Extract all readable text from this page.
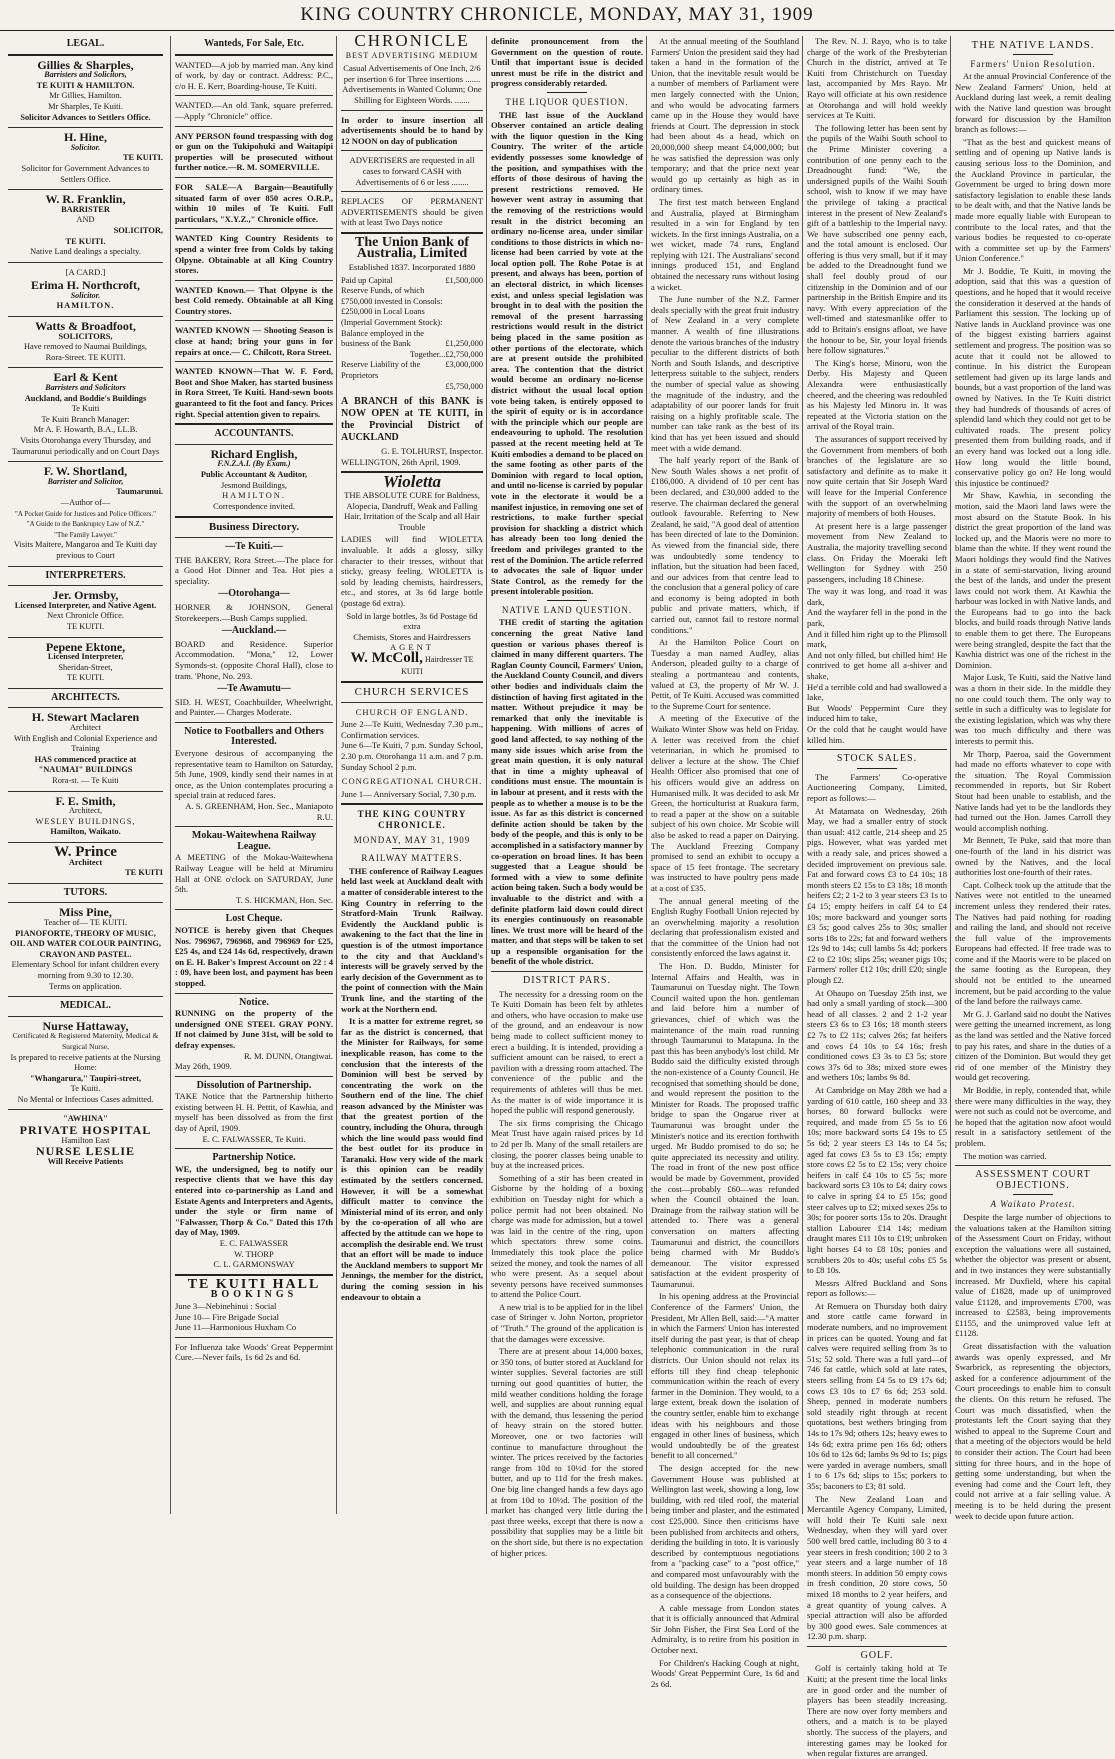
KING COUNTRY CHRONICLE, MONDAY, MAY 31, 1909
LEGAL.
Gillies & Sharples,
Barristers and Solicitors,
TE KUITI & HAMILTON.
Mr Gillies, Hamilton.
Mr Sharples, Te Kuiti.
Solicitor Advances to Settlers Office.
H. Hine,
Solicitor.
TE KUITI.
Solicitor for Government Advances to Settlers Office.
W. R. Franklin,
BARRISTER
AND
SOLICITOR,
TE KUITI.
Native Land dealings a specialty.
[A CARD.]
Erima H. Northcroft,
Solicitor.
HAMILTON.
Watts & Broadfoot,
SOLICITORS,
Have removed to Naumai Buildings,
Rora-Street. TE KUITI.
Earl & Kent
Barristers and Solicitors
Auckland, and Boddie's Buildings
Te Kuiti
Te Kuiti Branch Manager:
Mr A. F. Howarth, B.A., LL.B.
Visits Otorohanga every Thursday, and Taumarunui periodically and on Court Days
F. W. Shortland,
Barrister and Solicitor,
Taumarunui.
—Author of—
"A Pocket Guide for Justices and Police Officers."
"A Guide to the Bankruptcy Law of N.Z."
"The Family Lawyer."
Visits Maitere, Mangaroa and Te Kuiti day previous to Court
INTERPRETERS.
Jer. Ormsby,
Licensed Interpreter, and Native Agent.
Next Chronicle Office.
TE KUITI.
Pepene Ektone,
Licensed Interpreter,
Sheridan-Street,
TE KUITI.
ARCHITECTS.
H. Stewart Maclaren
Architect
With English and Colonial Experience and Training
HAS commenced practice at
"NAUMAI" BUILDINGS
Rora-st. — Te Kuiti
F. E. Smith,
Architect,
WESLEY BUILDINGS,
Hamilton, Waikato.
W. Prince
Architect
TE KUITI
TUTORS.
Miss Pine,
Teacher of— TE KUITI.
PIANOFORTE, THEORY OF MUSIC, OIL AND WATER COLOUR PAINTING, CRAYON AND PASTEL.
Elementary School for infant children every morning from 9.30 to 12.30.
Terms on application.
MEDICAL.
Nurse Hattaway,
Certificated & Registered Maternity, Medical & Surgical Nurse,
Is prepared to receive patients at the Nursing Home:
"Whangarura," Taupiri-street,
Te Kuiti.
No Mental or Infectious Cases admitted.
"AWHINA"
PRIVATE HOSPITAL
Hamilton East
NURSE LESLIE
Will Receive Patients
Wanteds, For Sale, Etc.

WANTED—A job by married man. Any kind of work, by day or contract. Address: P.C., c/o H. E. Kerr, Boarding-house, Te Kuiti.

WANTED.—An old Tank, square preferred.—Apply "Chronicle" office.

ANY PERSON found trespassing with dog or gun on the Tukipohuki and Waitapipi properties will be prosecuted without further notice.—R. M. SOMERVILLE.

FOR SALE—A Bargain—Beautifully situated farm of over 850 acres O.R.P., within 10 miles of Te Kuiti. Full particulars, "X.Y.Z.," Chronicle office.

WANTED King Country Residents to spend a winter free from Colds by taking Olpyne. Obtainable at all King Country stores.

WANTED Known.— That Olpyne is the best Cold remedy. Obtainable at all King Country stores.

WANTED KNOWN — Shooting Season is close at hand; bring your guns in for repairs at once.— C. Chilcott, Rora Street.

WANTED KNOWN—That W. F. Ford, Boot and Shoe Maker, has started business in Rora Street, Te Kuiti. Hand-sewn boots guaranteed to fit the foot and fancy. Prices right. Special attention given to repairs.

ACCOUNTANTS.
Richard English,
F.N.Z.A.I. (By Exam.)
Public Accountant & Auditor,
Jesmond Buildings,
HAMILTON.
Correspondence invited.
Business Directory.
—Te Kuiti.—

THE BAKERY, Rora Street.—The place for a Good Hot Dinner and Tea. Hot pies a speciality.

—Otorohanga—

HORNER & JOHNSON, General Storekeepers.—Bush Camps supplied.

—Auckland.—

BOARD and Residence. Superior Accommodation. "Mona," 12, Lower Symonds-st. (opposite Choral Hall), close to tram. 'Phone, No. 293.

—Te Awamutu—

SID. H. WEST, Coachbuilder, Wheelwright, and Painter.— Charges Moderate.

Notice to Footballers and Others Interested.

Everyone desirous of accompanying the representative team to Hamilton on Saturday, 5th June, 1909, kindly send their names in at once, as the Union contemplates procuring a special train at reduced fares.

A. S. GREENHAM, Hon. Sec., Maniapoto R.U.

Mokau-Waitewhena Railway League.

A MEETING of the Mokau-Waitewhena Railway League will be held at Mirumiru Hall at ONE o'clock on SATURDAY, June 5th.

T. S. HICKMAN, Hon. Sec.

Lost Cheque.

NOTICE is hereby given that Cheques Nos. 796967, 796968, and 796969 for £25, £25 4s, and £24 14s 6d, respectively, drawn on E. H. Baker's Imprest Account on 22 : 4 : 09, have been lost, and payment has been stopped.

Notice.

RUNNING on the property of the undersigned ONE STEEL GRAY PONY. If not claimed by June 31st, will be sold to defray expenses.

R. M. DUNN, Otangiwai.

May 26th, 1909.

Dissolution of Partnership.

TAKE Notice that the Partnership hitherto existing between H. H. Pettit, of Kawhia, and myself has been dissolved as from the first day of April, 1909.

E. C. FALWASSER, Te Kuiti.

Partnership Notice.

WE, the undersigned, beg to notify our respective clients that we have this day entered into co-partnership as Land and Estate Agents and Interpreters and Agents, under the style or firm name of "Falwasser, Thorp & Co." Dated this 17th day of May, 1909.

E. C. FALWASSER

W. THORP

C. L. GARMONSWAY

TE KUITI HALL
BOOKINGS

June 3—Nebinehinui : Social

June 10— Fire Brigade Social

June 11—Harmonious Huxham Co

For Influenza take Woods' Great Peppermint Cure.—Never fails, 1s 6d 2s and 6d.

CHRONICLE
BEST ADVERTISING MEDIUM

Casual Advertisements of One Inch, 2/6 per insertion 6 for Three insertions .......

Advertisements in Wanted Column; One Shilling for Eighteen Words. .......

In order to insure insertion all advertisements should be to hand by 12 NOON on day of publication

ADVERTISERS are requested in all cases to forward CASH with Advertisements of 6 or less ........

REPLACES OF PERMANENT ADVERTISEMENTS should be given with at least Two Days notice

The Union Bank of Australia, Limited
Established 1837. Incorporated 1880
Paid up Capital	£1,500,000
Reserve Funds, of which £750,000 invested in Consols: £250,000 in Local Loans (Imperial Government Stock): Balance employed in the business of the Bank	£1,250,000
Together...	£2,750,000
Reserve Liability of the Proprietors	£3,000,000
	£5,750,000

A BRANCH of this BANK is NOW OPEN at TE KUITI, in the Provincial District of AUCKLAND

G. E. TOLHURST, Inspector.

WELLINGTON, 26th April, 1909.

Wioletta

THE ABSOLUTE CURE for Baldness, Alopecia, Dandruff, Weak and Falling Hair, Irritation of the Scalp and all Hair Trouble

LADIES will find WIOLETTA invaluable. It adds a glossy, silky character to their tresses, without that sticky, greasy feeling. WIOLETTA is sold by leading chemists, hairdressers, etc., and stores, at 3s 6d large bottle (postage 6d extra).

Sold in large bottles, 3s 6d Postage 6d extra

Chemists, Stores and Hairdressers

AGENT

W. McColl, Hairdresser TE KUITI

CHURCH SERVICES
CHURCH OF ENGLAND.

June 2—Te Kuiti, Wednesday 7.30 p.m., Confirmation services.

June 6—Te Kuiti, 7 p.m. Sunday School, 2.30 p.m. Otorohanga 11 a.m. and 7 p.m. Sunday School 2 p.m.

CONGREGATIONAL CHURCH.

June 1— Anniversary Social, 7.30 p.m.

THE KING COUNTRY CHRONICLE.
MONDAY, MAY 31, 1909
RAILWAY MATTERS.

THE conference of Railway Leagues held last week at Auckland dealt with a matter of considerable interest to the King Country in referring to the Stratford-Main Trunk Railway. Evidently the Auckland public is awakening to the fact that the line in question is of the utmost importance to the city and that Auckland's interests will be gravely served by the early decision of the Government as to the point of connection with the Main Trunk line, and the starting of the work at the Northern end.

It is a matter for extreme regret, so far as the district is concerned, that the Minister for Railways, for some inexplicable reason, has come to the conclusion that the interests of the Dominion will best be served by concentrating the work on the Southern end of the line. The chief reason advanced by the Minister was that the greatest portion of the country, including the Ohura, through which the line would pass would find the best outlet for its produce in Taranaki. How very wide of the mark is this opinion can be readily estimated by the settlers concerned. However, it will be a somewhat difficult matter to convince the Ministerial mind of its error, and only by the co-operation of all who are affected by the attitude can we hope to accomplish the desirable end. We trust that an effort will be made to induce the Auckland members to support Mr Jennings, the member for the district, during the coming session in his endeavour to obtain a

definite pronouncement from the Government on the question of route. Until that important issue is decided unrest must be rife in the district and progress considerably retarded.

THE LIQUOR QUESTION.

THE last issue of the Auckland Observer contained an article dealing with the liquor question in the King Country. The writer of the article evidently possesses some knowledge of the position, and sympathises with the efforts of those desirous of having the present restrictions removed. He however went astray in assuming that the removing of the restrictions would result in the district becoming an ordinary no-license area, under similar conditions to those districts in which no-license had been carried by vote at the local option poll. The Rohe Potae is at present, and always has been, portion of an electoral district, in which licenses exist, and unless special legislation was brought in to deal with the position the removal of the present harrassing restrictions would result in the district being placed in the same position as other portions of the electorate, which are at present outside the prohibited area. The contention that the district would become an ordinary no-license district without the usual local option vote being taken, is entirely opposed to the spirit of equity or is in accordance with the principle which our people are endeavouring to uphold. The resolution passed at the recent meeting held at Te Kuiti embodies a demand to be placed on the same footing as other parts of the Dominion with regard to local option, and until no-license is carried by popular vote in the electorate it would be a manifest injustice, in removing one set of restrictions, to make further special provision for shackling a district which has already been too long denied the freedom and privileges granted to the rest of the Dominion. The article referred to advocates the sale of liquor under State Control, as the remedy for the present intolerable position.

NATIVE LAND QUESTION.

THE credit of starting the agitation concerning the great Native land question or various phases thereof is claimed in many different quarters. The Raglan County Council, Farmers' Union, the Auckland County Council, and divers other bodies and individuals claim the distinction of having first agitated in the matter. Without prejudice it may be remarked that only the inevitable is happening. With millions of acres of good land affected, to say nothing of the many side issues which arise from the great main question, it is only natural that in time a mighty upheaval of conditions must ensue. The mountain is in labour at present, and it rests with the people as to whether a mouse is to be the issue. As far as this district is concerned definite action should be taken by the body of the people, and this is only to be accomplished in a satisfactory manner by co-operation on broad lines. It has been suggested that a League should be formed with a view to some definite action being taken. Such a body would be invaluable to the district and with a definite platform laid down could direct its energies continuously on reasonable lines. We trust more will be heard of the matter, and that steps will be taken to set up a responsible organisation for the benefit of the whole district.

DISTRICT PARS.

The necessity for a dressing room on the Te Kuiti Domain has been felt by athletes and others, who have occasion to make use of the ground, and an endeavour is now being made to collect sufficient money to erect a building. It is intended, providing a sufficient amount can be raised, to erect a pavilion with a dressing room attached. The convenience of the public and the requirements of athletes will thus be met. As the matter is of wide importance it is hoped the public will respond generously.

The six firms comprising the Chicago Meat Trust have again raised prices by 1d to 2d per lb. Many of the small retailers are closing, the poorer classes being unable to buy at the increased prices.

Something of a stir has been created in Gisborne by the holding of a boxing exhibition on Tuesday night for which a police permit had not been obtained. No charge was made for admission, but a towel was laid in the centre of the ring, upon which spectators threw some coins. Immediately this took place the police seized the money, and took the names of all who were present. As a sequel about seventy persons have received summonses to attend the Police Court.

A new trial is to be applied for in the libel case of Stringer v. John Norton, proprietor of "Truth." The ground of the application is that the damages were excessive.

There are at present about 14,000 boxes, or 350 tons, of butter stored at Auckland for winter supplies. Several factories are still turning out good quantities of butter, the mild weather conditions holding the forage well, and supplies are about running equal with the demand, thus lessening the period of heavy strain on the stored butter. Moreover, one or two factories will continue to manufacture throughout the winter. The prices received by the factories range from 10d to 10½d for the stored butter, and up to 11d for the fresh makes. One big line changed hands a few days ago at from 10d to 10½d. The position of the market has changed very little during the past three weeks, except that there is now a possibility that supplies may be a little bit on the short side, but there is no expectation of higher prices.

At the annual meeting of the Southland Farmers' Union the president said they had taken a hand in the formation of the Union, that the inevitable result would be a number of members of Parliament were men largely connected with the Union, and who would be advocating farmers came up in the House they would have friends at Court. The depression in stock had been about 4s a head, which on 20,000,000 sheep meant £4,000,000; but he was satisfied the depression was only temporary; and that the price next year would go up certainly as high as in ordinary times.

The first test match between England and Australia, played at Birmingham resulted in a win for England by ten wickets. In the first innings Australia, on a wet wicket, made 74 runs, England replying with 121. The Australians' second innings produced 151, and England obtained the necessary runs without losing a wicket.

The June number of the N.Z. Farmer deals specially with the great fruit industry of New Zealand in a very complete manner. A wealth of fine illustrations denote the various branches of the industry peculiar to the different districts of both North and South Islands, and descriptive letterpress suitable to the subject, renders the number of special value as showing the magnitude of the industry, and the adaptability of our poorer lands for fruit raising on a highly profitable scale. The number can take rank as the best of its kind that has yet been issued and should meet with a wide demand.

The half yearly report of the Bank of New South Wales shows a net profit of £186,000. A dividend of 10 per cent has been declared, and £30,000 added to the reserve. The chairman declared the general outlook favourable. Referring to New Zealand, he said, "A good deal of attention has been directed of late to the Dominion. As viewed from the financial side, there was undoubtedly some tendency to inflation, but the situation had been faced, and our advices from that centre lead to the conclusion that a general policy of care and economy is being adopted in both public and private matters, which, if carried out, cannot fail to restore normal conditions."

At the Hamilton Police Court on Tuesday a man named Audley, alias Anderson, pleaded guilty to a charge of stealing a portmanteau and contents, valued at £3, the property of Mr W. J. Pettit, of Te Kuiti. Accused was committed to the Supreme Court for sentence.

A meeting of the Executive of the Waikato Winter Show was held on Friday. A letter was received from the chief veterinarian, in which he promised to deliver a lecture at the show. The Chief Health Officer also promised that one of his officers would give an address on Humanised milk. It was decided to ask Mr Green, the horticulturist at Ruakura farm, to read a paper at the show on a suitable subject of his own choice. Mr Scobie will also be asked to read a paper on Dairying. The Auckland Freezing Company promised to send an exhibit to occupy a space of 15 feet frontage. The secretary was instructed to have poultry pens made at a cost of £35.

The annual general meeting of the English Rugby Football Union rejected by an overwhelming majority a resolution declaring that professionalism existed and that the committee of the Union had not consistently enforced the laws against it.

The Hon. D. Buddo, Minister for Internal Affairs and Health, was in Taumarunui on Tuesday night. The Town Council waited upon the hon. gentleman and laid before him a number of grievances, chief of which was the maintenance of the main road running through Taumarunui to Matapuna. In the past this has been anybody's lost child. Mr Buddo said the difficulty existed through the non-existence of a County Council. He recognised that something should be done, and would represent the position to the Minister for Roads. The proposed traffic bridge to span the Ongarue river at Taumarunui was brought under the Minister's notice and its erection forthwith urged. Mr Buddo promised to do so; he quite appreciated its necessity and utility. The road in front of the new post office would be made by Government, provided the cost—probably £60—was refunded when the Council obtained the loan. Drainage from the railway station will be attended to. There was a general conversation on matters affecting Taumarunui and district, the councillors being charmed with Mr Buddo's demeanour. The visitor expressed satisfaction at the evident prosperity of Taumarunui.

In his opening address at the Provincial Conference of the Farmers' Union, the President, Mr Allen Bell, said:—"A matter in which the Farmers' Union has interested itself during the past year, is that of cheap telephonic communication in the rural districts. Our Union should not relax its efforts till they find cheap telephonic communication within the reach of every farmer in the Dominion. They would, to a large extent, break down the isolation of the country settler, enable him to exchange ideas with his neighbours and those engaged in other lines of business, which would undoubtedly be of the greatest benefit to all concerned."

The design accepted for the new Government House was published at Wellington last week, showing a long, low building, with red tiled roof, the material being timber and plaster, and the estimated cost £25,000. Since then criticisms have been published from architects and others, deriding the building in toto. It is variously described by contemptuous negotiations from a "packing case" to a "post office," and compared most unfavourably with the old building. The design has been dropped as a consequence of the objections.

A cable message from London states that it is officially announced that Admiral Sir John Fisher, the First Sea Lord of the Admiralty, is to retire from his position in October next.

For Children's Hacking Cough at night, Woods' Great Peppermint Cure, 1s 6d and 2s 6d.

The Rev. N. J. Rayo, who is to take charge of the work of the Presbyterian Church in the district, arrived at Te Kuiti from Christchurch on Tuesday last, accompanied by Mrs Rayo. Mr Rayo will officiate at his own residence at Otorohanga and will hold weekly services at Te Kuiti.

The following letter has been sent by the pupils of the Waihi South school to the Prime Minister covering a contribution of one penny each to the Dreadnought fund: "We, the undersigned pupils of the Waihi South school, wish to know if we may have the privilege of taking a practical interest in the present of New Zealand's gift of a battleship to the Imperial navy. We have subscribed one penny each, and the total amount is enclosed. Our offering is thus very small, but if it may be added to the Dreadnought fund we shall feel doubly proud of our citizenship in the Dominion and of our partnership in the British Empire and its navy. With every appreciation of the well-timed and statesmanlike offer to add to Britain's ensigns afloat, we have the honour to be, Sir, your loyal friends here follow signatures."

The King's horse, Minoru, won the Derby. His Majesty and Queen Alexandra were enthusiastically cheered, and the cheering was redoubled as his Majesty led Minoru in. It was repeated at the Victoria station on the arrival of the Royal train.

The assurances of support received by the Government from members of both branches of the legislature are so satisfactory and definite as to make it now quite certain that Sir Joseph Ward will leave for the Imperial Conference with the support of an overwhelming majority of members of both Houses.

At present here is a large passenger movement from New Zealand to Australia, the majority travelling second class. On Friday the Moeraki left Wellington for Sydney with 250 passengers, including 18 Chinese.

The way it was long, and road it was dark,
And the wayfarer fell in the pond in the park,
And it filled him right up to the Plimsoll mark,
And not only filled, but chilled him! He contrived to get home all a-shiver and shake,
He'd a terrible cold and had swallowed a lake,
But Woods' Peppermint Cure they induced him to take,
Or the cold that he caught would have killed him.

STOCK SALES.

The Farmers' Co-operative Auctioneering Company, Limited, report as follows:—

At Matamata on Wednesday, 26th May, we had a smaller entry of stock than usual: 412 cattle, 214 sheep and 25 pigs. However, what was yarded met with a ready sale, and prices showed a decided improvement on previous sale. Fat and forward cows £3 to £4 10s; 18 month steers £2 15s to £3 18s; 18 month heifers £2; 2 1-2 to 3 year steers £3 1s to £4 15; empty heifers in calf £4 to £4 10s; more backward and younger sorts £3 5s; good calves 25s to 30s; smaller sorts 18s to 22s; fat and forward wethers 12s 9d to 14s; cull lambs 5s 4d; porkers £2 to £2 10s; slips 25s; weaner pigs 10s; Farmers' roller £12 10s; drill £20; single plough £2.

At Ohaupo on Tuesday 25th inst, we had only a small yarding of stock—300 head of all classes. 2 and 2 1-2 year steers £3 6s to £3 16s; 18 month steers £2 7s to £2 11s; calves 26s; fat heifers and cows £4 10s to £4 16s; fresh conditioned cows £3 3s to £3 5s; store cows 37s 6d to 38s; mixed store ewes and wethers 10s; lambs 9s 8d.

At Cambridge on May 28th we had a yarding of 610 cattle, 160 sheep and 33 horses, 80 forward bullocks were required, and made from £5 5s to £6 10s; more backward sorts £4 19s to £5 5s 6d; 2 year steers £3 14s to £4 5s; aged fat cows £3 5s to £3 15s; empty store cows £2 5s to £2 15s; very choice heifers in calf £4 10s to £5 5s; more backward sorts £3 10s to £4; dairy cows to calve in spring £4 to £5 15s; good steer calves up to £2; mixed sexes 25s to 30s; for poorer sorts 15s to 20s. Draught stallion Labourer £14 14s; medium draught mares £11 10s to £19; unbroken light horses £4 to £8 10s; ponies and scrubbers 20s to 40s; useful cobs £5 5s to £8 10s.

Messrs Alfred Buckland and Sons report as follows:—

At Remuera on Thursday both dairy and store cattle came forward in moderate numbers, and no improvement in prices can be quoted. Young and fat calves were required selling from 3s to 51s; 52 sold. There was a full yard—of 746 fat cattle, which sold at late rates, steers selling from £4 5s to £9 17s 6d; cows £3 10s to £7 6s 6d; 253 sold. Sheep, penned in moderate numbers sold steadily right through at recent quotations, best wethers bringing from 14s to 17s 9d; others 12s; heavy ewes to 14s 6d; extra prime pen 16s 6d; others 10s 6d to 12s 6d; lambs 9s 9d to 1s; pigs were yarded in average numbers, small 1 to 6 17s 6d; slips to 15s; porkers to 35s; baconers to £3; 81 sold.

The New Zealand Loan and Mercantile Agency Company, Limited, will hold their Te Kuiti sale next Wednesday, when they will yard over 500 well bred cattle, including 80 3 to 4 year steers in fresh condition; 100 2 to 3 year steers and a large number of 18 month steers. In addition 50 empty cows in fresh condition, 20 store cows, 50 mixed 18 months to 2 year heifers, and a great quantity of young calves. A special attraction will also be afforded by 300 good ewes. Sale commences at 12.30 p.m. sharp.

GOLF.

Golf is certainly taking hold at Te Kuiti; at the present time the local links are in good order and the number of players has been steadily increasing. There are now over forty members and others, and a match is to be played shortly. The success of the players, and interesting games may be looked for when regular fixtures are arranged.

THE NATIVE LANDS.
Farmers' Union Resolution.

At the annual Provincial Conference of the New Zealand Farmers' Union, held at Auckland during last week, a remit dealing with the Native land question was brought forward for discussion by the Hamilton branch as follows:—

"That as the best and quickest means of settling and of opening up Native lands is causing serious loss to the Dominion, and the Auckland Province in particular, the Government be urged to bring down more satisfactory legislation to enable these lands to be dealt with, and that the Native lands be made more equally liable with European to contribute to the local rates, and that the various bodies be requested to co-operate with a committee set up by the Farmers' Union Conference."

Mr J. Boddie, Te Kuiti, in moving the adoption, said that this was a question of questions, and he hoped that it would receive the consideration it deserved at the hands of Parliament this session. The locking up of Native lands in Auckland province was one of the biggest existing barriers against settlement and progress. The position was so acute that it could not be allowed to continue. In his district the European settlement had given up its large lands and bounds, but a vast proportion of the land was owned by Natives. In the Te Kuiti district they had hundreds of thousands of acres of splendid land which they could not get to be cultivated roads. The present policy presented them from building roads, and if an every hand was locked out a long idle. How long would the little bound, conservative policy go on? He long would this injustice be continued?

Mr Shaw, Kawhia, in seconding the motion, said the Maori land laws were the most absurd on the Statute Book. In his district the great proportion of the land was locked up, and the Maoris were no more to blame than the white. If they went round the Maori holdings they would find the Natives in a state of semi-starvation, living around the best of the lands, and under the present laws could not work them. At Kawhia the harbour was locked in with Native lands, and the Europeans had to go into the back blocks, and build roads through Native lands to enable them to get there. The Europeans were being strangled, despite the fact that the Kawhia district was one of the richest in the Dominion.

Major Lusk, Te Kuiti, said the Native land was a thorn in their side. In the middle they no one could touch them. The only way to settle in such a difficulty was to legislate for the existing legislation, which was why there was too much difficulty and there was interests to permit this.

Mr Thorp, Paeroa, said the Government had made no efforts whatever to cope with the situation. The Royal Commission recommended in reports, but Sir Robert Stout had been unable to establish, and the Native lands had yet to be the landlords they had turned out the Hon. James Carroll they would accomplish nothing.

Mr Bennett, Te Puke, said that more than one-fourth of the land in his district was owned by the Natives, and the local authorities lost one-fourth of their rates.

Capt. Colbeck took up the attitude that the Natives were not entitled to the unearned increment unless they rendered their rates. The Natives had paid nothing for roading and railing the land, and should not receive the full value of the improvements Europeans had effected. If free trade was to come and if the Maoris were to be placed on the same footing as the European, they should not be entitled to the unearned increment, but be paid according to the value of the land before the railways came.

Mr G. J. Garland said no doubt the Natives were getting the unearned increment, as long as the land was settled and the Native forced to pay his rates, and share in the duties of a citizen of the Dominion. But would they get rid of one member of the Ministry they would get recovering.

Mr Boddie, in reply, contended that, while there were many difficulties in the way, they were not such as could not be overcome, and he hoped that the agitation now afoot would result in a satisfactory settlement of the problem.

The motion was carried.

ASSESSMENT COURT OBJECTIONS.
A Waikato Protest.

Despite the large number of objections to the valuations taken at the Hamilton sitting of the Assessment Court on Friday, without exception the valuations were all sustained, whether the objector was present or absent, and in two instances they were substantially increased. Mr Duxfield, where his capital value of £1828, made up of unimproved value £1128, and improvements £700, was increased to £2583, being improvements £1155, and the unimproved value left at £1128.

Great dissatisfaction with the valuation awards was openly expressed, and Mr Swarbrick, as representing the objectors, asked for a conference adjournment of the Court proceedings to enable him to consult the clients. On this return he refused. The Court was much dissatisfied, when the protestants left the Court saying that they wished to appeal to the Supreme Court and that a meeting of the objectors would be held to consider their action. The Court had been sitting for three hours, and in the hope of getting some understanding, but when the evening had come and the Court left, they could not arrive at a fair selling value. A meeting is to be held during the present week to decide upon future action.
